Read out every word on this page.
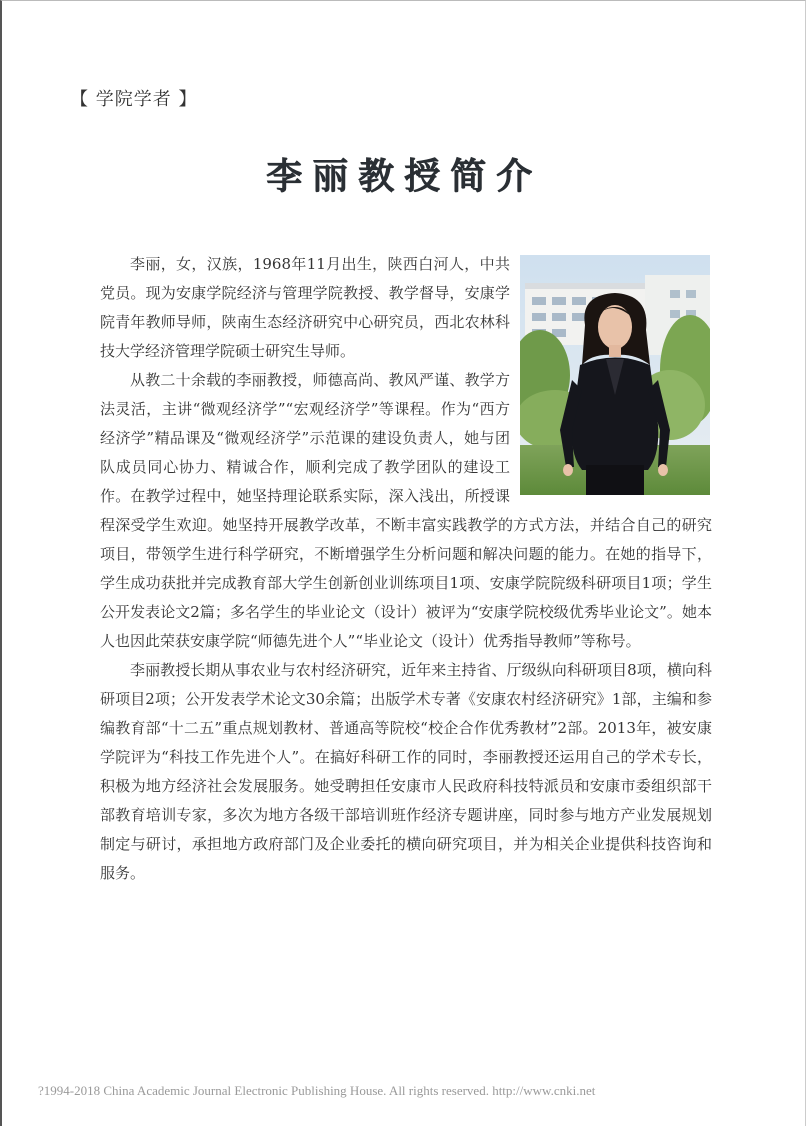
【 学院学者 】
李丽教授简介

李丽，女，汉族，1968年11月出生，陕西白河人，中共党员。现为安康学院经济与管理学院教授、教学督导，安康学院青年教师导师，陕南生态经济研究中心研究员，西北农林科技大学经济管理学院硕士研究生导师。

从教二十余载的李丽教授，师德高尚、教风严谨、教学方法灵活，主讲“微观经济学”“宏观经济学”等课程。作为“西方经济学”精品课及“微观经济学”示范课的建设负责人，她与团队成员同心协力、精诚合作，顺利完成了教学团队的建设工作。在教学过程中，她坚持理论联系实际，深入浅出，所授课程深受学生欢迎。她坚持开展教学改革，不断丰富实践教学的方式方法，并结合自己的研究项目，带领学生进行科学研究，不断增强学生分析问题和解决问题的能力。在她的指导下，学生成功获批并完成教育部大学生创新创业训练项目1项、安康学院院级科研项目1项；学生公开发表论文2篇；多名学生的毕业论文（设计）被评为“安康学院校级优秀毕业论文”。她本人也因此荣获安康学院“师德先进个人”“毕业论文（设计）优秀指导教师”等称号。

李丽教授长期从事农业与农村经济研究，近年来主持省、厅级纵向科研项目8项，横向科研项目2项；公开发表学术论文30余篇；出版学术专著《安康农村经济研究》1部，主编和参编教育部“十二五”重点规划教材、普通高等院校“校企合作优秀教材”2部。2013年，被安康学院评为“科技工作先进个人”。在搞好科研工作的同时，李丽教授还运用自己的学术专长，积极为地方经济社会发展服务。她受聘担任安康市人民政府科技特派员和安康市委组织部干部教育培训专家，多次为地方各级干部培训班作经济专题讲座，同时参与地方产业发展规划制定与研讨，承担地方政府部门及企业委托的横向研究项目，并为相关企业提供科技咨询和服务。

?1994-2018 China Academic Journal Electronic Publishing House. All rights reserved. http://www.cnki.net
